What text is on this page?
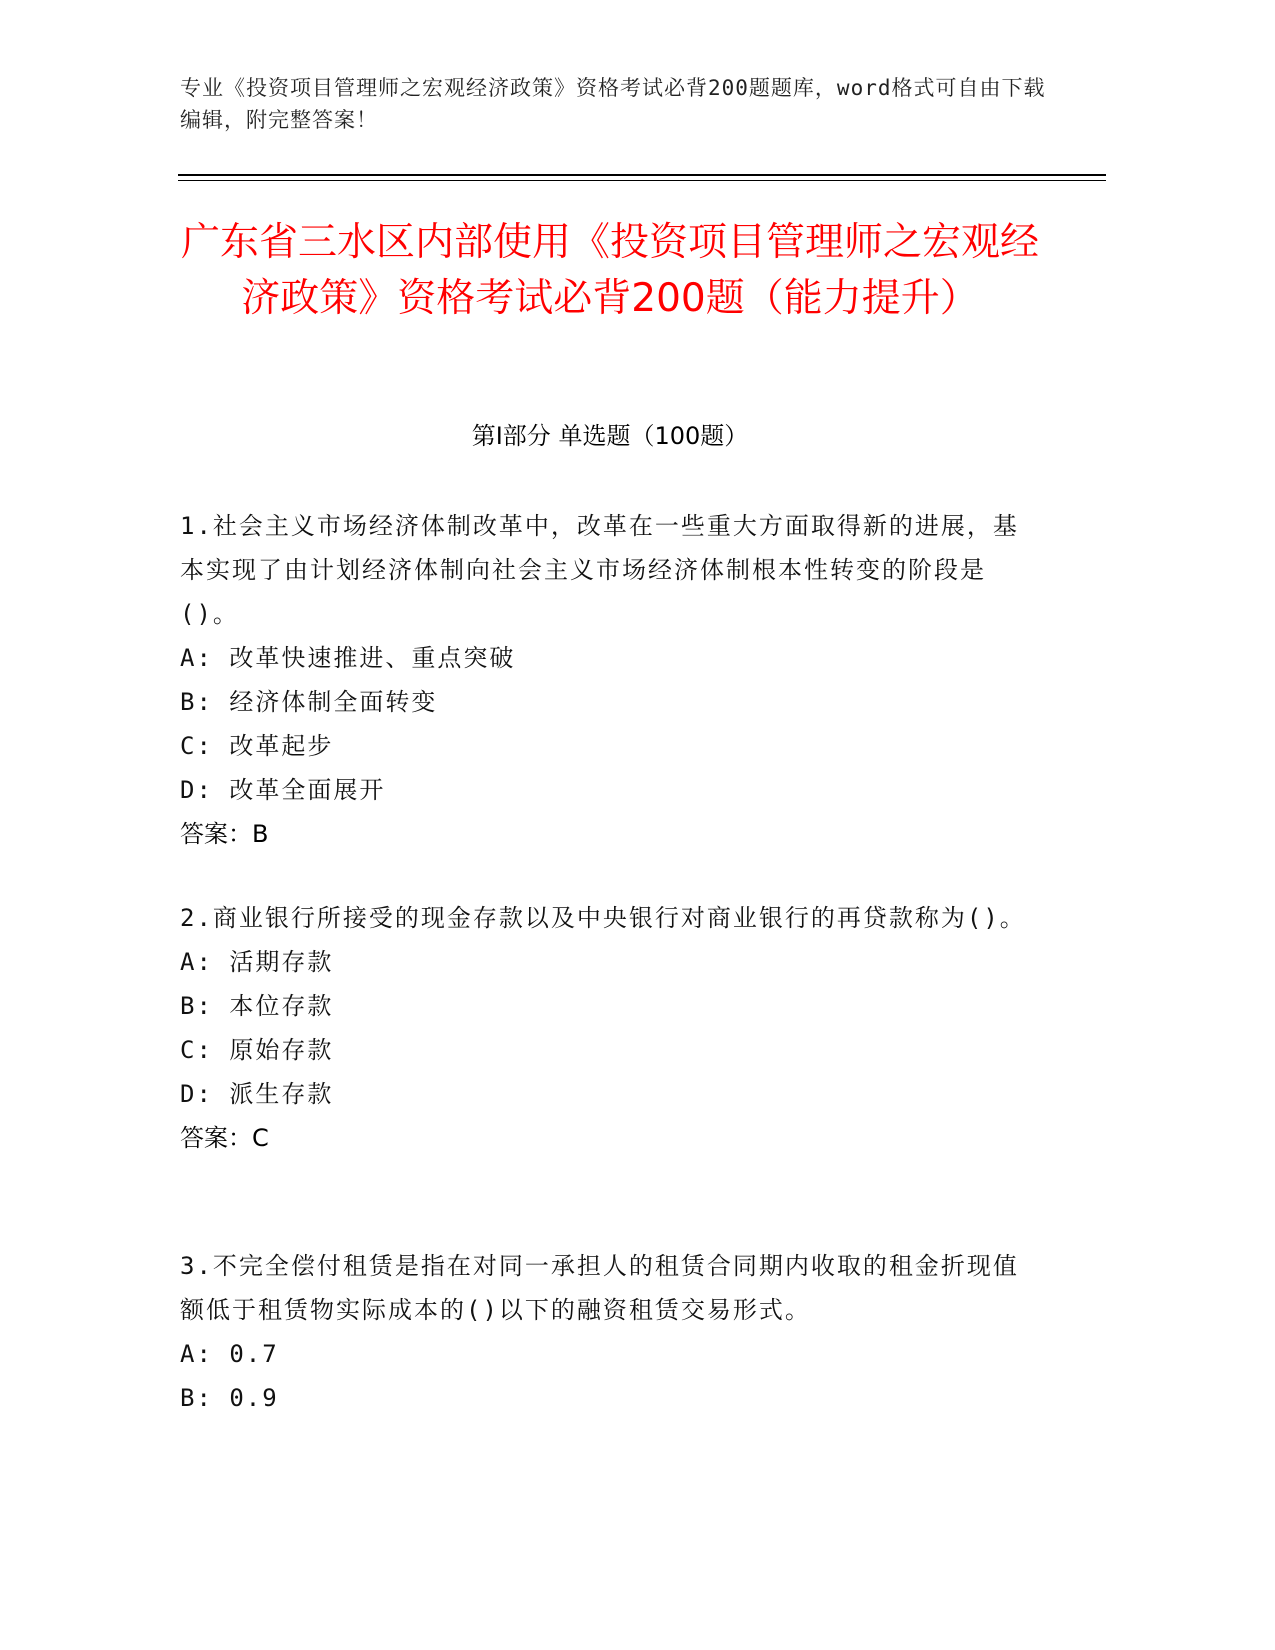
专业《投资项目管理师之宏观经济政策》资格考试必背200题题库，word格式可自由下载编辑，附完整答案！
广东省三水区内部使用《投资项目管理师之宏观经济政策》资格考试必背200题（能力提升）
第Ⅰ部分 单选题（100题）
1.社会主义市场经济体制改革中，改革在一些重大方面取得新的进展，基本实现了由计划经济体制向社会主义市场经济体制根本性转变的阶段是()。
A: 改革快速推进、重点突破
B: 经济体制全面转变
C: 改革起步
D: 改革全面展开
答案：B
2.商业银行所接受的现金存款以及中央银行对商业银行的再贷款称为()。
A: 活期存款
B: 本位存款
C: 原始存款
D: 派生存款
答案：C
3.不完全偿付租赁是指在对同一承担人的租赁合同期内收取的租金折现值额低于租赁物实际成本的()以下的融资租赁交易形式。
A: 0.7
B: 0.9
